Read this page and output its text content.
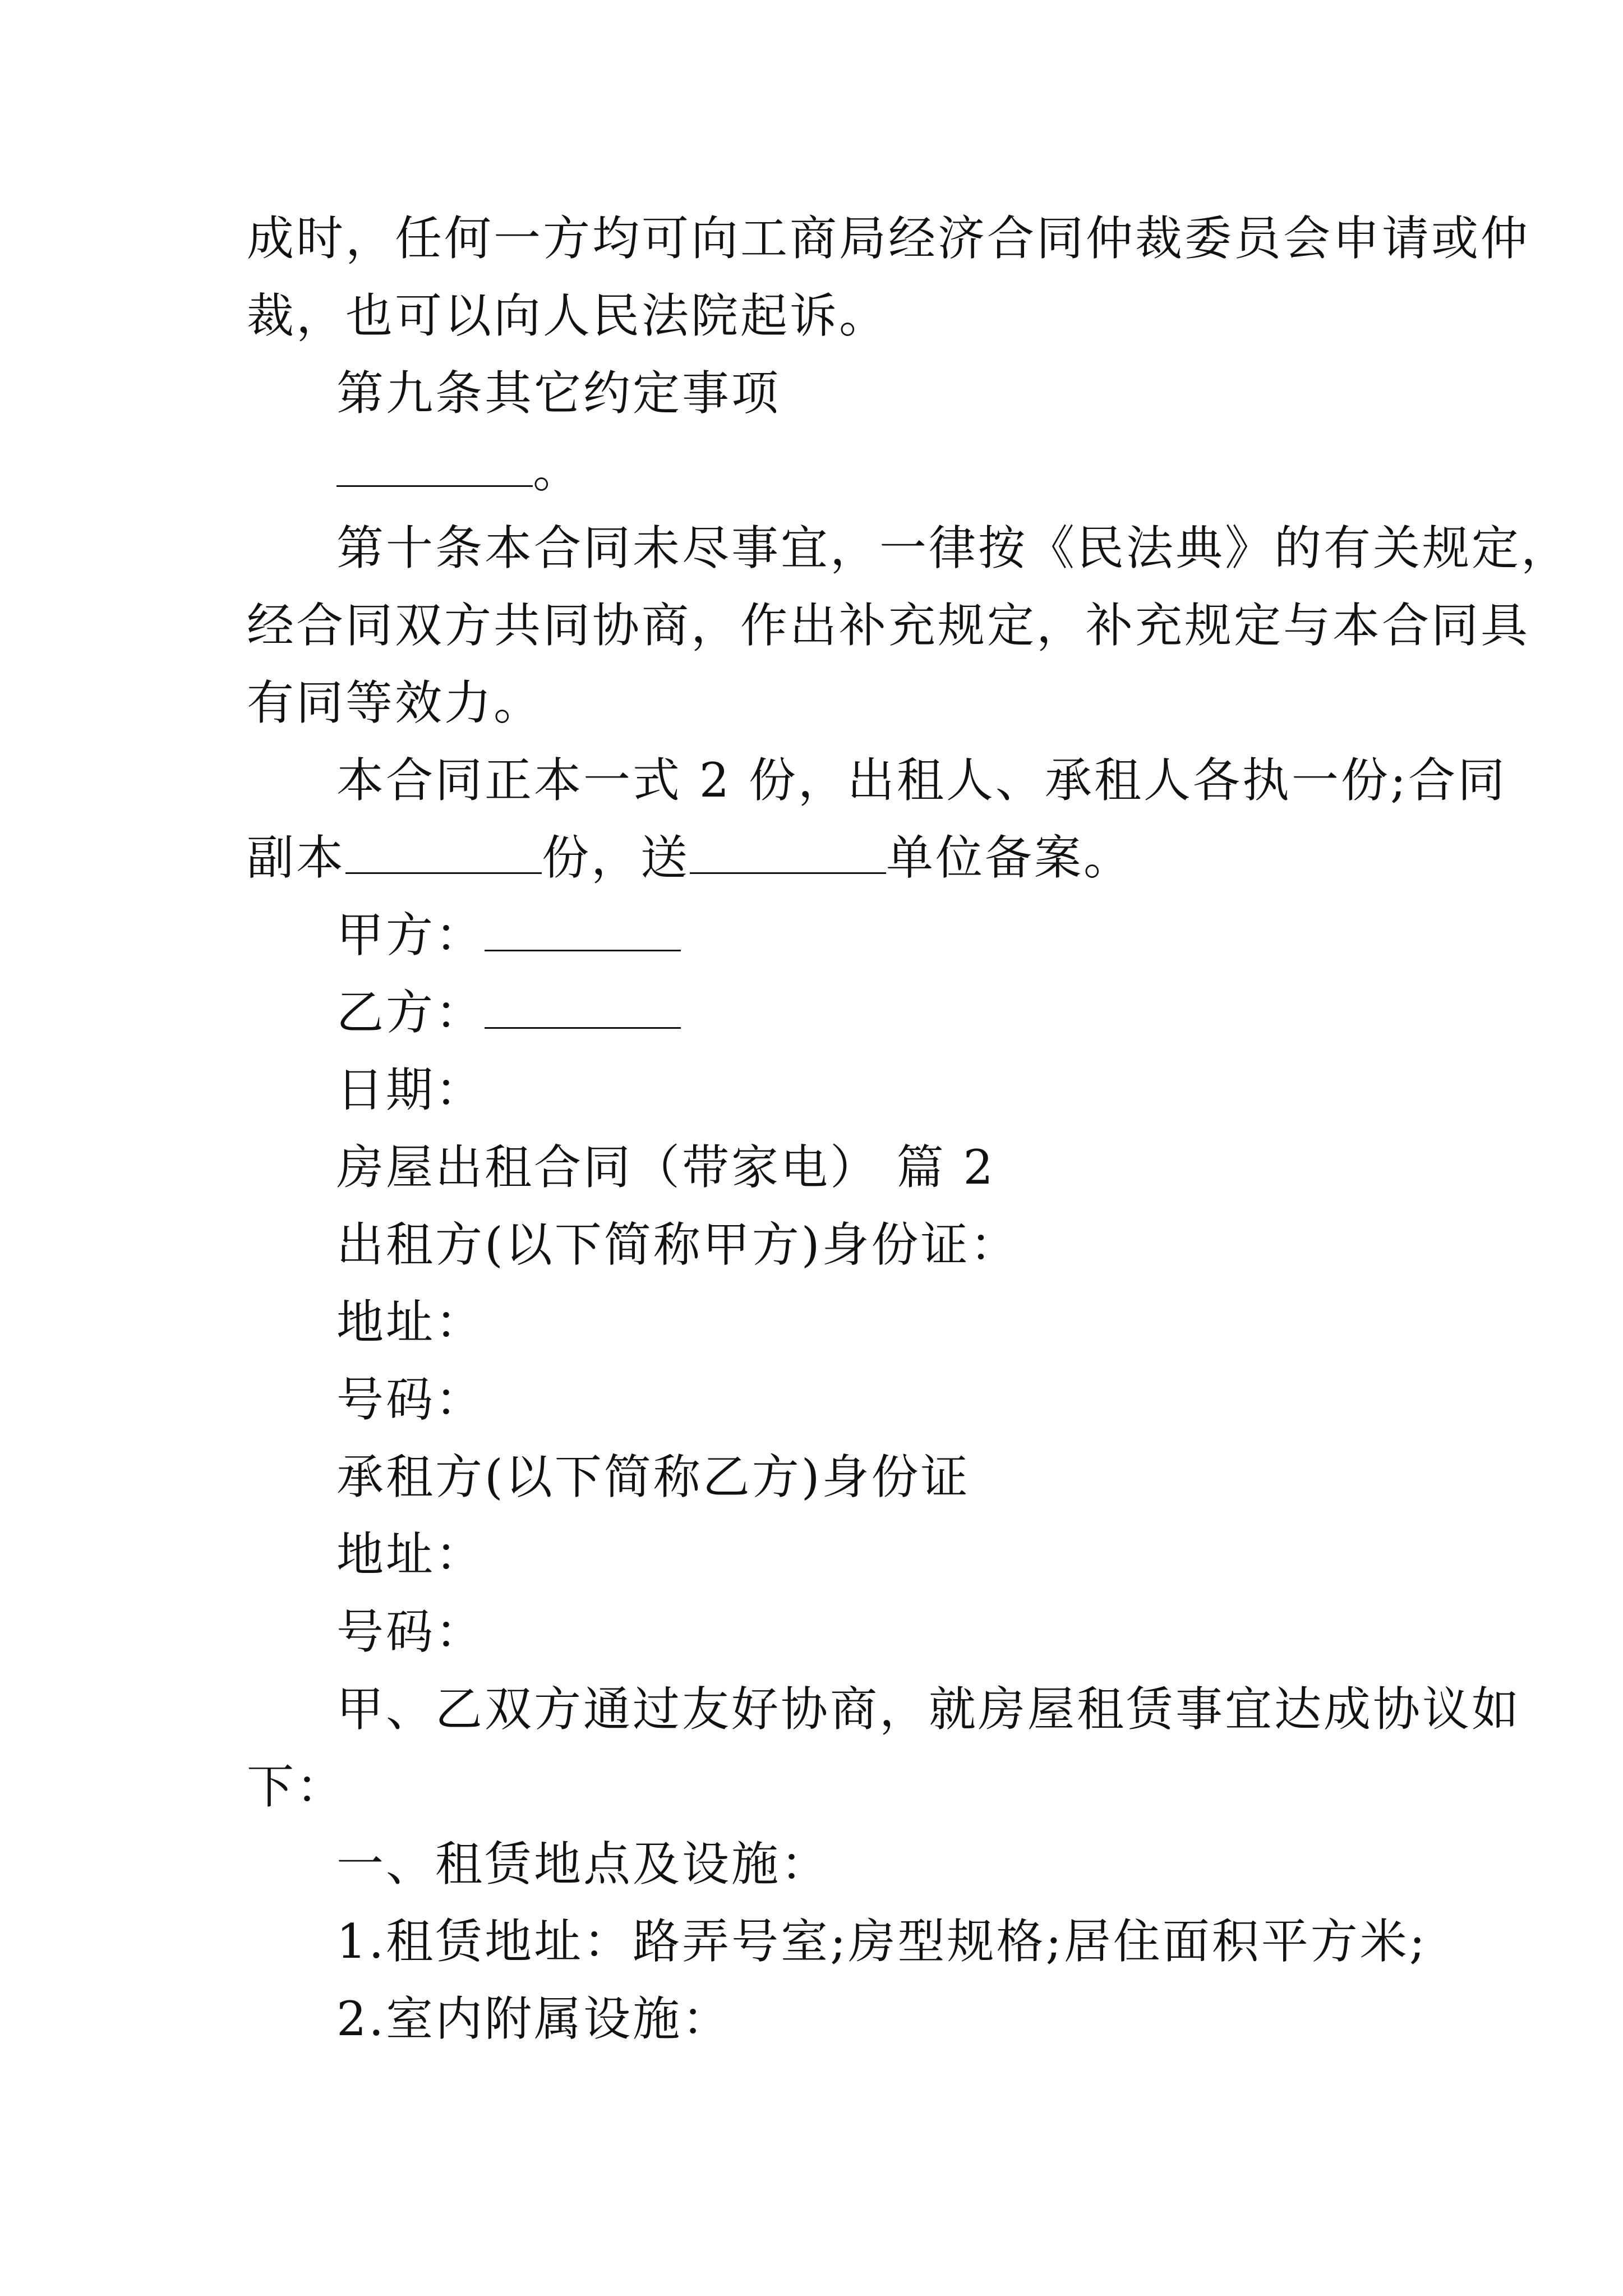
成时，任何一方均可向工商局经济合同仲裁委员会申请或仲
裁，也可以向人民法院起诉。
第九条其它约定事项
。
第十条本合同未尽事宜，一律按《民法典》的有关规定，
经合同双方共同协商，作出补充规定，补充规定与本合同具
有同等效力。
本合同正本一式 2 份，出租人、承租人各执一份;合同
副本	份，送	单位备案。
甲方：
乙方：
日期：
房屋出租合同（带家电） 篇 2
出租方(以下简称甲方)身份证：
地址：
号码：
承租方(以下简称乙方)身份证
地址：
号码：
甲、乙双方通过友好协商，就房屋租赁事宜达成协议如
下：
一、租赁地点及设施：
1.租赁地址：路弄号室;房型规格;居住面积平方米;
2.室内附属设施：
